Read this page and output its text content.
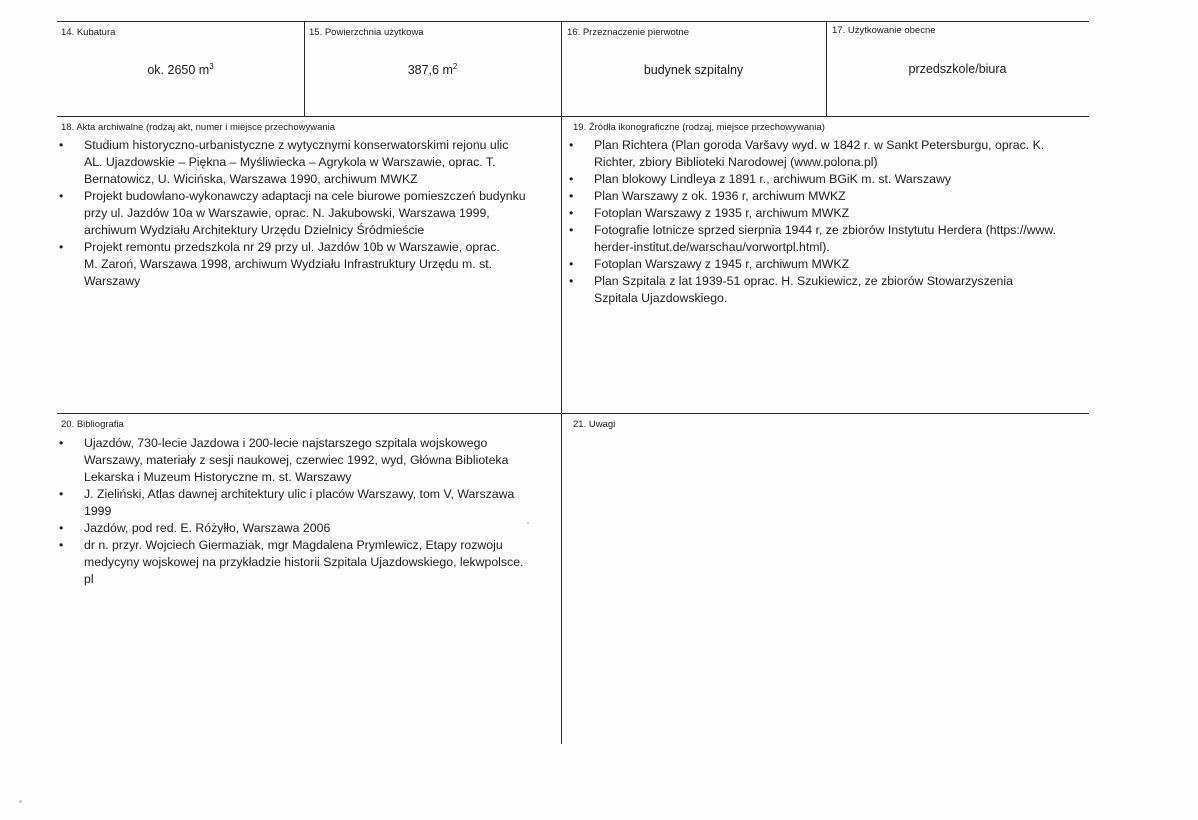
14. Kubatura
ok. 2650 $m^3$
15. Powierzchnia użytkowa
387,6 $m^2$
16. Przeznaczenie pierwotne
budynek szpitalny
17. Użytkowanie obecne
przedszkole/biura
18. Akta archiwalne (rodzaj akt, numer i miejsce przechowywania
• Studium historyczno-urbanistyczne z wytycznymi konserwatorskimi rejonu ulic
AL. Ujazdowskie – Piękna – Myśliwiecka – Agrykola w Warszawie, oprac. T.
Bernatowicz, U. Wicińska, Warszawa 1990, archiwum MWKZ
• Projekt budowlano-wykonawczy adaptacji na cele biurowe pomieszczeń budynku
przy ul. Jazdów 10a w Warszawie, oprac. N. Jakubowski, Warszawa 1999,
archiwum Wydziału Architektury Urzędu Dzielnicy Śródmieście
• Projekt remontu przedszkola nr 29 przy ul. Jazdów 10b w Warszawie, oprac.
M. Zaroń, Warszawa 1998, archiwum Wydziału Infrastruktury Urzędu m. st.
Warszawy
19. Źródła ikonograficzne (rodzaj, miejsce przechowywania)
• Plan Richtera (Plan goroda Varšavy wyd. w 1842 r. w Sankt Petersburgu, oprac. K.
Richter, zbiory Biblioteki Narodowej (www.polona.pl)
• Plan blokowy Lindleya z 1891 r., archiwum BGiK m. st. Warszawy
• Plan Warszawy z ok. 1936 r, archiwum MWKZ
• Fotoplan Warszawy z 1935 r, archiwum MWKZ
• Fotografie lotnicze sprzed sierpnia 1944 r, ze zbiorów Instytutu Herdera (https://www.
herder-institut.de/warschau/vorwortpl.html).
• Fotoplan Warszawy z 1945 r, archiwum MWKZ
• Plan Szpitala z lat 1939-51 oprac. H. Szukiewicz, ze zbiorów Stowarzyszenia
Szpitala Ujazdowskiego.
20. Bibliografia
• Ujazdów, 730-lecie Jazdowa i 200-lecie najstarszego szpitala wojskowego
Warszawy, materiały z sesji naukowej, czerwiec 1992, wyd, Główna Biblioteka
Lekarska i Muzeum Historyczne m. st. Warszawy
• J. Zieliński, Atlas dawnej architektury ulic i placów Warszawy, tom V, Warszawa
1999
• Jazdów, pod red. E. Różyłło, Warszawa 2006
• dr n. przyr. Wojciech Giermaziak, mgr Magdalena Prymlewicz, Etapy rozwoju
medycyny wojskowej na przykładzie historii Szpitala Ujazdowskiego, lekwpolsce.
pl
21. Uwagi
